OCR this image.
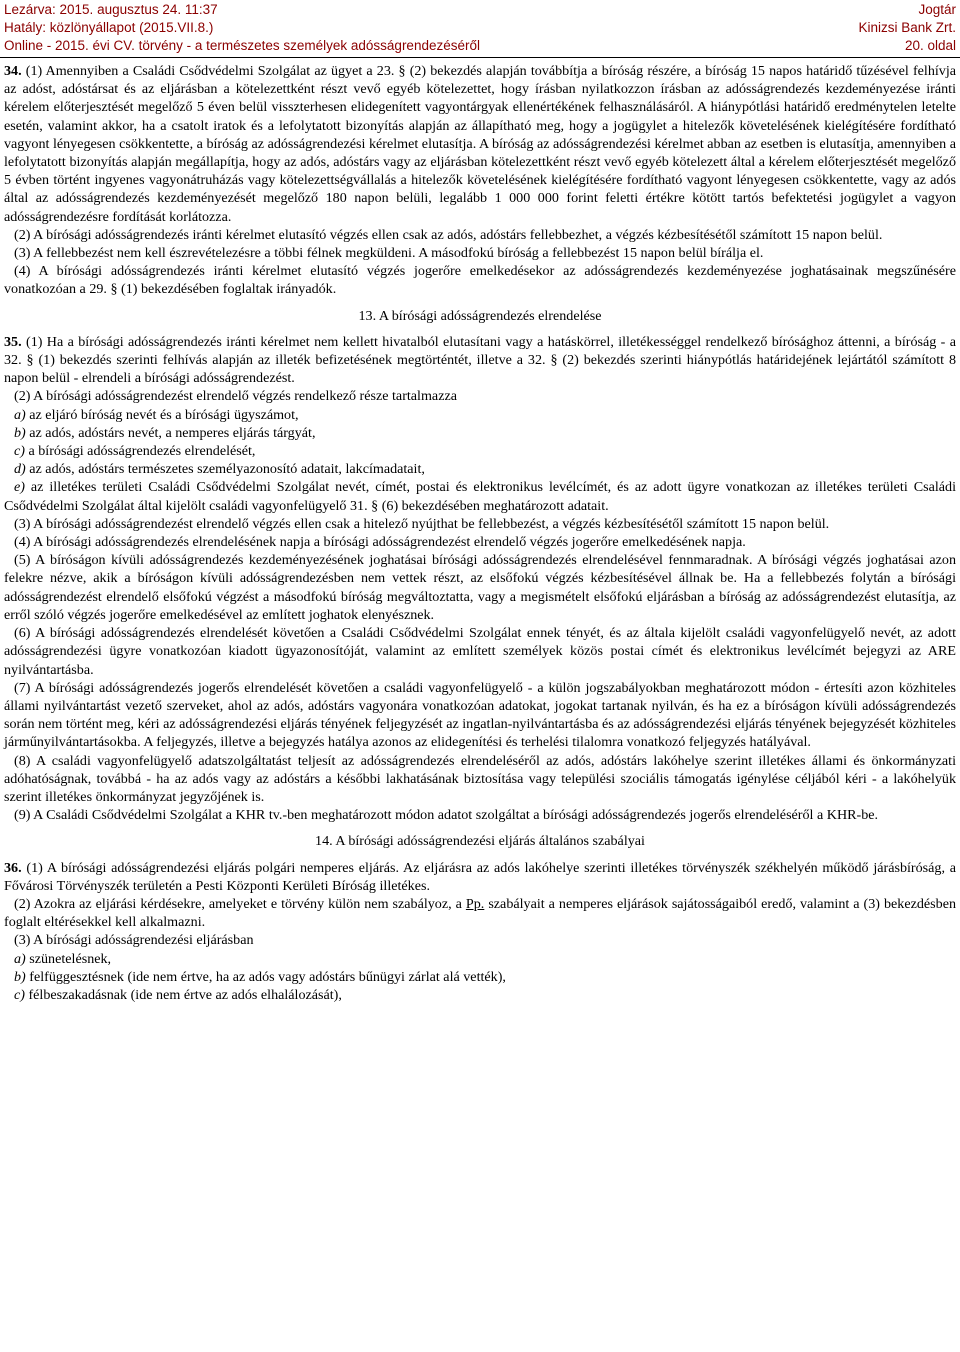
Lezárva: 2015. augusztus 24. 11:37
Hatály: közlönyállapot (2015.VII.8.)
Online - 2015. évi CV. törvény - a természetes személyek adósságrendezéséről
Jogtár
Kinizsi Bank Zrt.
20. oldal

34. (1) Amennyiben a Családi Csődvédelmi Szolgálat az ügyet a 23. § (2) bekezdés alapján továbbítja a bíróság részére, a bíróság 15 napos határidő tűzésével felhívja az adóst, adóstársat és az eljárásban a kötelezettként részt vevő egyéb kötelezettet, hogy írásban nyilatkozzon írásban az adósságrendezés kezdeményezése iránti kérelem előterjesztését megelőző 5 éven belül visszterhesen elidegenített vagyontárgyak ellenértékének felhasználásáról. A hiánypótlási határidő eredménytelen letelte esetén, valamint akkor, ha a csatolt iratok és a lefolytatott bizonyítás alapján az állapítható meg, hogy a jogügylet a hitelezők követelésének kielégítésére fordítható vagyont lényegesen csökkentette, a bíróság az adósságrendezési kérelmet elutasítja. A bíróság az adósságrendezési kérelmet abban az esetben is elutasítja, amennyiben a lefolytatott bizonyítás alapján megállapítja, hogy az adós, adóstárs vagy az eljárásban kötelezettként részt vevő egyéb kötelezett által a kérelem előterjesztését megelőző 5 évben történt ingyenes vagyonátruházás vagy kötelezettségvállalás a hitelezők követelésének kielégítésére fordítható vagyont lényegesen csökkentette, vagy az adós által az adósságrendezés kezdeményezését megelőző 180 napon belüli, legalább 1 000 000 forint feletti értékre kötött tartós befektetési jogügylet a vagyon adósságrendezésre fordítását korlátozza.

(2) A bírósági adósságrendezés iránti kérelmet elutasító végzés ellen csak az adós, adóstárs fellebbezhet, a végzés kézbesítésétől számított 15 napon belül.

(3) A fellebbezést nem kell észrevételezésre a többi félnek megküldeni. A másodfokú bíróság a fellebbezést 15 napon belül bírálja el.

(4) A bírósági adósságrendezés iránti kérelmet elutasító végzés jogerőre emelkedésekor az adósságrendezés kezdeményezése joghatásainak megszűnésére vonatkozóan a 29. § (1) bekezdésében foglaltak irányadók.

13. A bírósági adósságrendezés elrendelése

35. (1) Ha a bírósági adósságrendezés iránti kérelmet nem kellett hivatalból elutasítani vagy a hatáskörrel, illetékességgel rendelkező bírósághoz áttenni, a bíróság - a 32. § (1) bekezdés szerinti felhívás alapján az illeték befizetésének megtörténtét, illetve a 32. § (2) bekezdés szerinti hiánypótlás határidejének lejártától számított 8 napon belül - elrendeli a bírósági adósságrendezést.

(2) A bírósági adósságrendezést elrendelő végzés rendelkező része tartalmazza

a) az eljáró bíróság nevét és a bírósági ügyszámot,

b) az adós, adóstárs nevét, a nemperes eljárás tárgyát,

c) a bírósági adósságrendezés elrendelését,

d) az adós, adóstárs természetes személyazonosító adatait, lakcímadatait,

e) az illetékes területi Családi Csődvédelmi Szolgálat nevét, címét, postai és elektronikus levélcímét, és az adott ügyre vonatkozan az illetékes területi Családi Csődvédelmi Szolgálat által kijelölt családi vagyonfelügyelő 31. § (6) bekezdésében meghatározott adatait.

(3) A bírósági adósságrendezést elrendelő végzés ellen csak a hitelező nyújthat be fellebbezést, a végzés kézbesítésétől számított 15 napon belül.

(4) A bírósági adósságrendezés elrendelésének napja a bírósági adósságrendezést elrendelő végzés jogerőre emelkedésének napja.

(5) A bíróságon kívüli adósságrendezés kezdeményezésének joghatásai bírósági adósságrendezés elrendelésével fennmaradnak. A bírósági végzés joghatásai azon felekre nézve, akik a bíróságon kívüli adósságrendezésben nem vettek részt, az elsőfokú végzés kézbesítésével állnak be. Ha a fellebbezés folytán a bírósági adósságrendezést elrendelő elsőfokú végzést a másodfokú bíróság megváltoztatta, vagy a megismételt elsőfokú eljárásban a bíróság az adósságrendezést elutasítja, az erről szóló végzés jogerőre emelkedésével az említett joghatok elenyésznek.

(6) A bírósági adósságrendezés elrendelését követően a Családi Csődvédelmi Szolgálat ennek tényét, és az általa kijelölt családi vagyonfelügyelő nevét, az adott adósságrendezési ügyre vonatkozóan kiadott ügyazonosítóját, valamint az említett személyek közös postai címét és elektronikus levélcímét bejegyzi az ARE nyilvántartásba.

(7) A bírósági adósságrendezés jogerős elrendelését követően a családi vagyonfelügyelő - a külön jogszabályokban meghatározott módon - értesíti azon közhiteles állami nyilvántartást vezető szerveket, ahol az adós, adóstárs vagyonára vonatkozóan adatokat, jogokat tartanak nyilván, és ha ez a bíróságon kívüli adósságrendezés során nem történt meg, kéri az adósságrendezési eljárás tényének feljegyzését az ingatlan-nyilvántartásba és az adósságrendezési eljárás tényének bejegyzését közhiteles járműnyilvántartásokba. A feljegyzés, illetve a bejegyzés hatálya azonos az elidegenítési és terhelési tilalomra vonatkozó feljegyzés hatályával.

(8) A családi vagyonfelügyelő adatszolgáltatást teljesít az adósságrendezés elrendeléséről az adós, adóstárs lakóhelye szerint illetékes állami és önkormányzati adóhatóságnak, továbbá - ha az adós vagy az adóstárs a későbbi lakhatásának biztosítása vagy települési szociális támogatás igénylése céljából kéri - a lakóhelyük szerint illetékes önkormányzat jegyzőjének is.

(9) A Családi Csődvédelmi Szolgálat a KHR tv.-ben meghatározott módon adatot szolgáltat a bírósági adósságrendezés jogerős elrendeléséről a KHR-be.

14. A bírósági adósságrendezési eljárás általános szabályai

36. (1) A bírósági adósságrendezési eljárás polgári nemperes eljárás. Az eljárásra az adós lakóhelye szerinti illetékes törvényszék székhelyén működő járásbíróság, a Fővárosi Törvényszék területén a Pesti Központi Kerületi Bíróság illetékes.

(2) Azokra az eljárási kérdésekre, amelyeket e törvény külön nem szabályoz, a Pp. szabályait a nemperes eljárások sajátosságaiból eredő, valamint a (3) bekezdésben foglalt eltérésekkel kell alkalmazni.

(3) A bírósági adósságrendezési eljárásban

a) szünetelésnek,

b) felfüggesztésnek (ide nem értve, ha az adós vagy adóstárs bűnügyi zárlat alá vették),

c) félbeszakadásnak (ide nem értve az adós elhalálozását),
